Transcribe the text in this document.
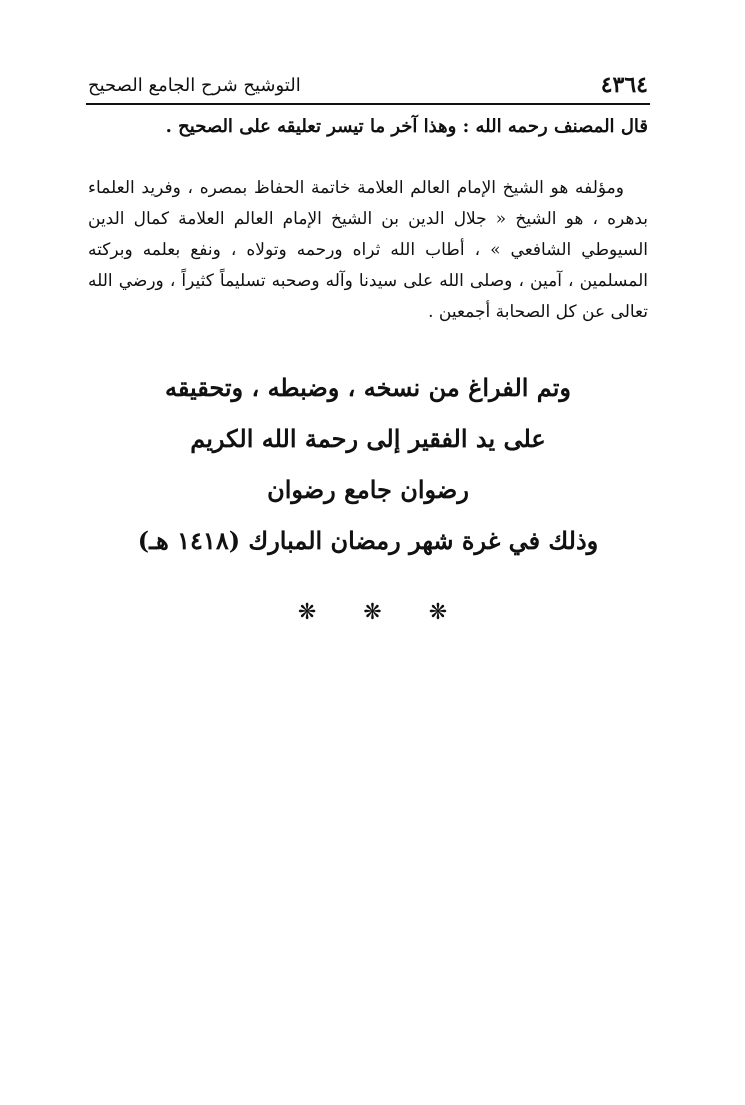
٤٣٦٤
التوشيح شرح الجامع الصحيح
قال المصنف رحمه الله : وهذا آخر ما تيسر تعليقه على الصحيح .

ومؤلفه هو الشيخ الإمام العالم العلامة خاتمة الحفاظ بمصره ، وفريد العلماء بدهره ، هو الشيخ « جلال الدين بن الشيخ الإمام العالم العلامة كمال الدين السيوطي الشافعي » ، أطاب الله ثراه ورحمه وتولاه ، ونفع بعلمه وبركته المسلمين ، آمين ، وصلى الله على سيدنا وآله وصحبه تسليماً كثيراً ، ورضي الله تعالى عن كل الصحابة أجمعين .

وتم الفراغ من نسخه ، وضبطه ، وتحقيقه
على يد الفقير إلى رحمة الله الكريم
رضوان جامع رضوان
وذلك في غرة شهر رمضان المبارك (١٤١٨ هـ)
❋ ❋ ❋
